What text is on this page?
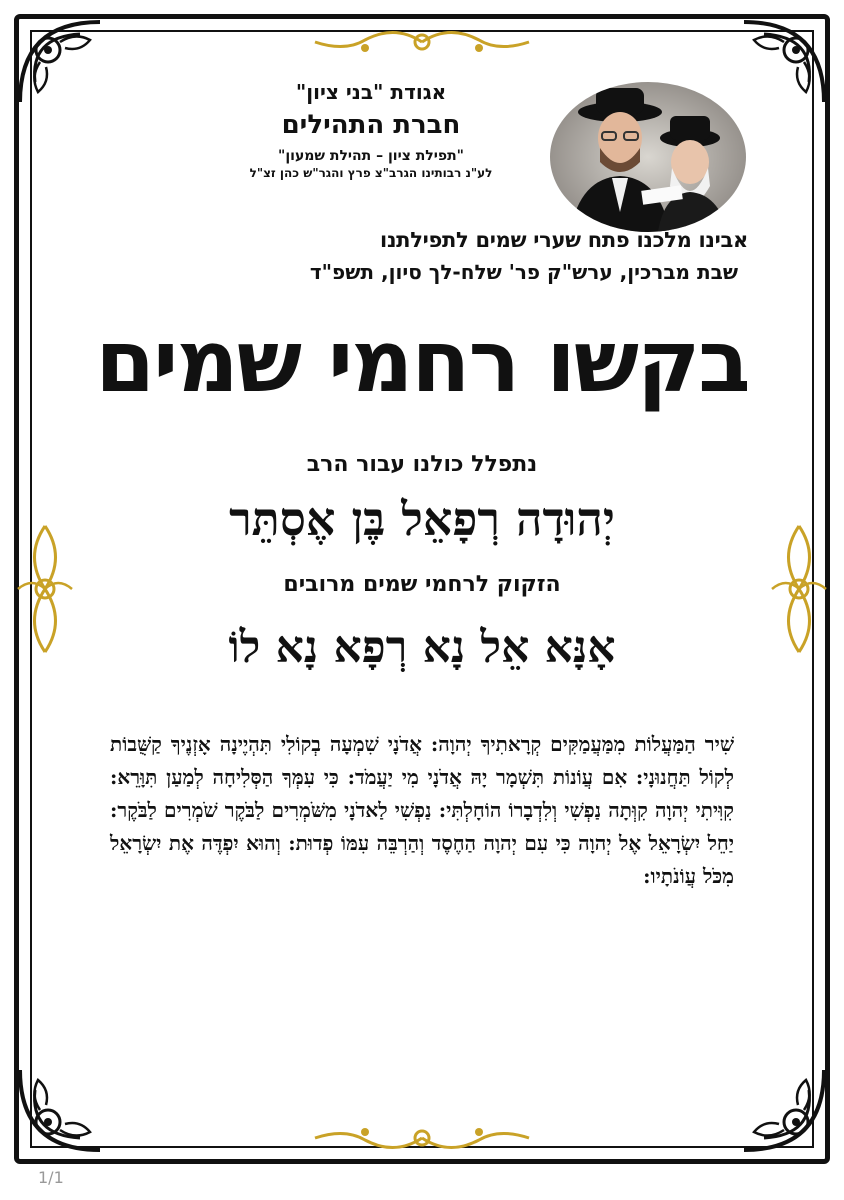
אגודת "בני ציון"
חברת התהילים
"תפילת ציון – תהילת שמעון"
לע"נ רבותינו הגרב"צ פרץ והגר"ש כהן זצ"ל
אבינו מלכנו פתח שערי שמים לתפילתנו
שבת מברכין, ערש"ק פר' שלח-לך סיון, תשפ"ד
בקשו רחמי שמים
נתפלל כולנו עבור הרב
יְהוּדָה רְפָאֵל בֶּן אֶסְתֵּר
הזקוק לרחמי שמים מרובים
אָנָּא אֵל נָא רְפָא נָא לוֹ
שִׁיר הַמַּעֲלוֹת מִמַּעֲמַקִּים קְרָאתִיךָ יְהוָה: אֲדֹנָי שִׁמְעָה בְקוֹלִי תִּהְיֶינָה אָזְנֶיךָ קַשֻּׁבוֹת לְקוֹל תַּחֲנוּנָי: אִם עֲוֹנוֹת תִּשְׁמָר יָהּ אֲדֹנָי מִי יַעֲמֹד: כִּי עִמְּךָ הַסְּלִיחָה לְמַעַן תִּוָּרֵא: קִוִּיתִי יְהוָה קִוְּתָה נַפְשִׁי וְלִדְבָרוֹ הוֹחָלְתִּי: נַפְשִׁי לַאדֹנָי מִשֹּׁמְרִים לַבֹּקֶר שֹׁמְרִים לַבֹּקֶר: יַחֵל יִשְׂרָאֵל אֶל יְהוָה כִּי עִם יְהוָה הַחֶסֶד וְהַרְבֵּה עִמּוֹ פְדוּת: וְהוּא יִפְדֶּה אֶת יִשְׂרָאֵל מִכֹּל עֲוֹנֹתָיו:
1/1
